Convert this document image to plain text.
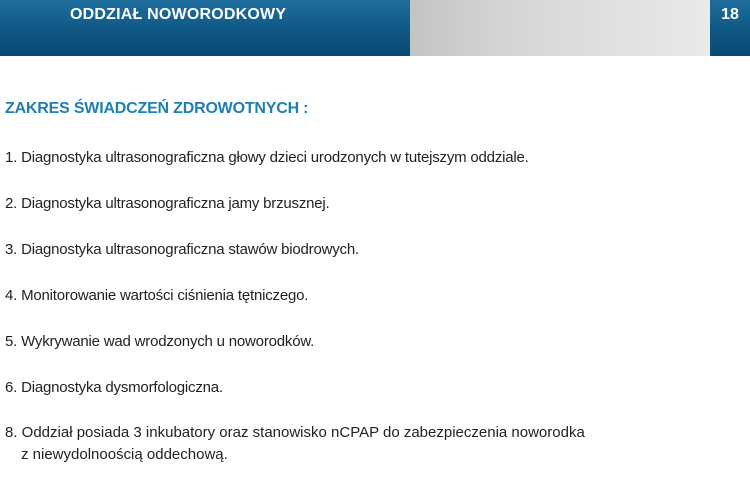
ODDZIAŁ NOWORODKOWY	18
ZAKRES ŚWIADCZEŃ ZDROWOTNYCH :
1. Diagnostyka ultrasonograficzna głowy dzieci urodzonych w tutejszym oddziale.
2. Diagnostyka ultrasonograficzna jamy brzusznej.
3. Diagnostyka ultrasonograficzna stawów biodrowych.
4. Monitorowanie wartości ciśnienia tętniczego.
5. Wykrywanie wad wrodzonych u noworodków.
6. Diagnostyka dysmorfologiczna.
8. Oddział posiada 3 inkubatory oraz stanowisko nCPAP do zabezpieczenia noworodka
z niewydolnoością oddechową.
